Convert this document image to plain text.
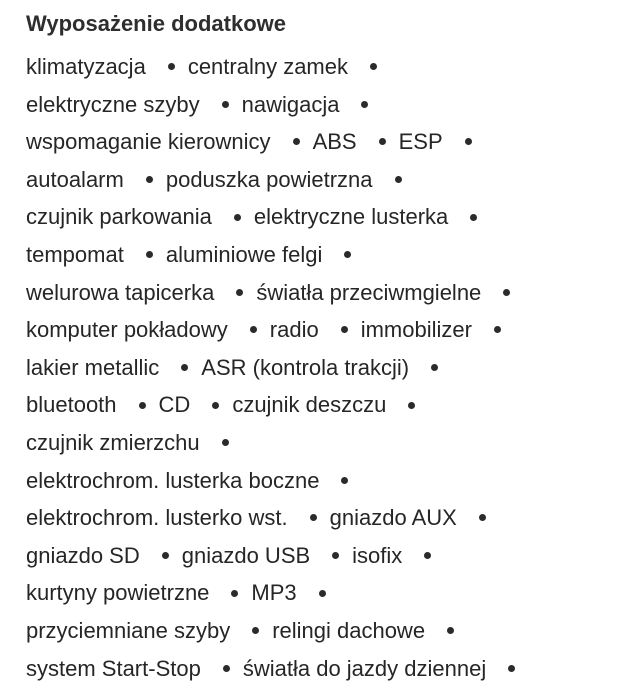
Wyposażenie dodatkowe
klimatyzacja centralny zamek
elektryczne szyby nawigacja
wspomaganie kierownicy ABS ESP
autoalarm poduszka powietrzna
czujnik parkowania elektryczne lusterka
tempomat aluminiowe felgi
welurowa tapicerka światła przeciwmgielne
komputer pokładowy radio immobilizer
lakier metallic ASR (kontrola trakcji)
bluetooth CD czujnik deszczu
czujnik zmierzchu
elektrochrom. lusterka boczne
elektrochrom. lusterko wst. gniazdo AUX
gniazdo SD gniazdo USB isofix
kurtyny powietrzne MP3
przyciemniane szyby relingi dachowe
system Start-Stop światła do jazdy dziennej
